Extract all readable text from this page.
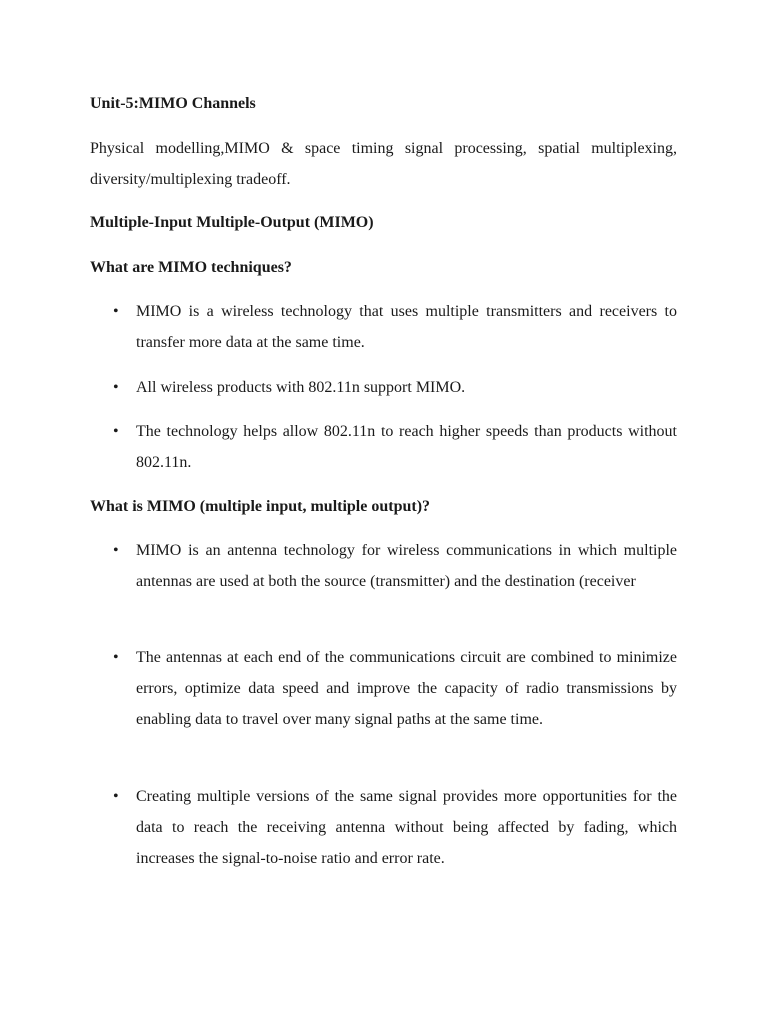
Unit-5:MIMO Channels
Physical modelling,MIMO & space timing signal processing, spatial multiplexing, diversity/multiplexing tradeoff.
Multiple-Input Multiple-Output (MIMO)
What are MIMO techniques?
• MIMO is a wireless technology that uses multiple transmitters and receivers to transfer more data at the same time.
• All wireless products with 802.11n support MIMO.
• The technology helps allow 802.11n to reach higher speeds than products without 802.11n.
What is MIMO (multiple input, multiple output)?
• MIMO is an antenna technology for wireless communications in which multiple antennas are used at both the source (transmitter) and the destination (receiver
• The antennas at each end of the communications circuit are combined to minimize errors, optimize data speed and improve the capacity of radio transmissions by enabling data to travel over many signal paths at the same time.
• Creating multiple versions of the same signal provides more opportunities for the data to reach the receiving antenna without being affected by fading, which increases the signal-to-noise ratio and error rate.
